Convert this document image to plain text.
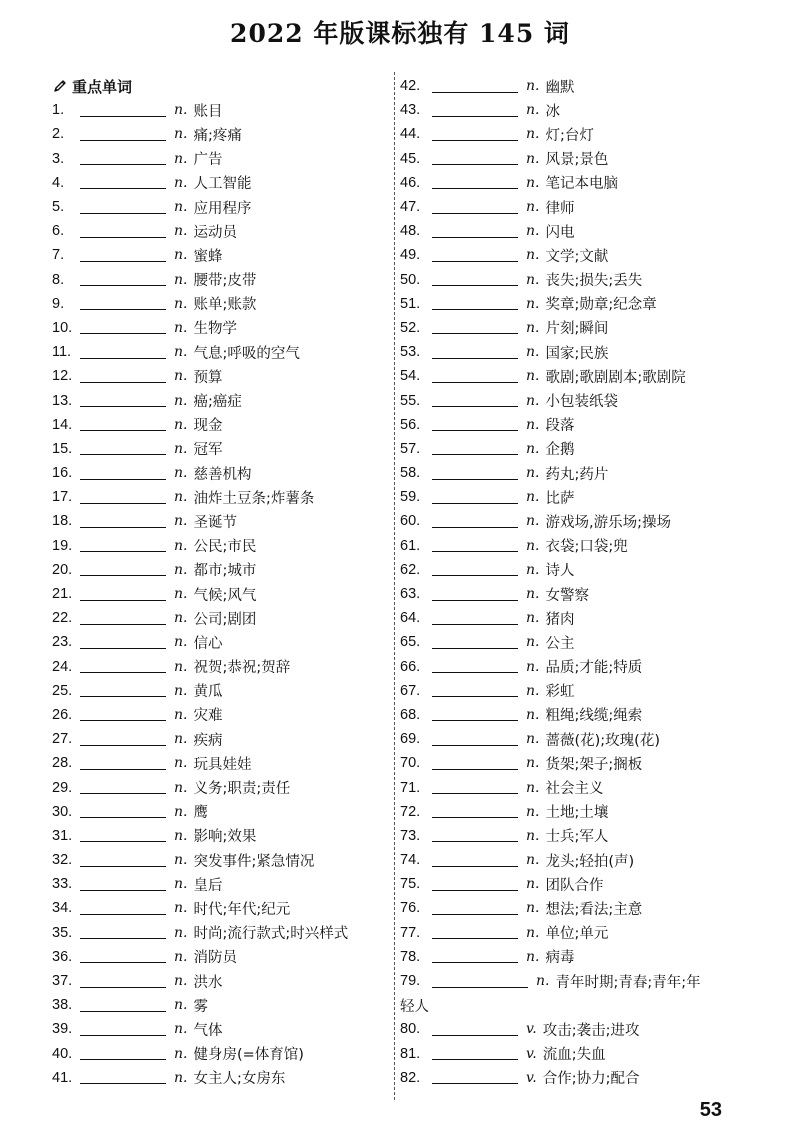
2022 年版课标独有 145 词
重点单词
1.	n. 账目
2.	n. 痛;疼痛
3.	n. 广告
4.	n. 人工智能
5.	n. 应用程序
6.	n. 运动员
7.	n. 蜜蜂
8.	n. 腰带;皮带
9.	n. 账单;账款
10.	n. 生物学
11.	n. 气息;呼吸的空气
12.	n. 预算
13.	n. 癌;癌症
14.	n. 现金
15.	n. 冠军
16.	n. 慈善机构
17.	n. 油炸土豆条;炸薯条
18.	n. 圣诞节
19.	n. 公民;市民
20.	n. 都市;城市
21.	n. 气候;风气
22.	n. 公司;剧团
23.	n. 信心
24.	n. 祝贺;恭祝;贺辞
25.	n. 黄瓜
26.	n. 灾难
27.	n. 疾病
28.	n. 玩具娃娃
29.	n. 义务;职责;责任
30.	n. 鹰
31.	n. 影响;效果
32.	n. 突发事件;紧急情况
33.	n. 皇后
34.	n. 时代;年代;纪元
35.	n. 时尚;流行款式;时兴样式
36.	n. 消防员
37.	n. 洪水
38.	n. 雾
39.	n. 气体
40.	n. 健身房(=体育馆)
41.	n. 女主人;女房东
42.	n. 幽默
43.	n. 冰
44.	n. 灯;台灯
45.	n. 风景;景色
46.	n. 笔记本电脑
47.	n. 律师
48.	n. 闪电
49.	n. 文学;文献
50.	n. 丧失;损失;丢失
51.	n. 奖章;勋章;纪念章
52.	n. 片刻;瞬间
53.	n. 国家;民族
54.	n. 歌剧;歌剧剧本;歌剧院
55.	n. 小包装纸袋
56.	n. 段落
57.	n. 企鹅
58.	n. 药丸;药片
59.	n. 比萨
60.	n. 游戏场,游乐场;操场
61.	n. 衣袋;口袋;兜
62.	n. 诗人
63.	n. 女警察
64.	n. 猪肉
65.	n. 公主
66.	n. 品质;才能;特质
67.	n. 彩虹
68.	n. 粗绳;线缆;绳索
69.	n. 蔷薇(花);玫瑰(花)
70.	n. 货架;架子;搁板
71.	n. 社会主义
72.	n. 土地;土壤
73.	n. 士兵;军人
74.	n. 龙头;轻拍(声)
75.	n. 团队合作
76.	n. 想法;看法;主意
77.	n. 单位;单元
78.	n. 病毒
79.	n. 青年时期;青春;青年;年
轻人
80.	v. 攻击;袭击;进攻
81.	v. 流血;失血
82.	v. 合作;协力;配合
53
